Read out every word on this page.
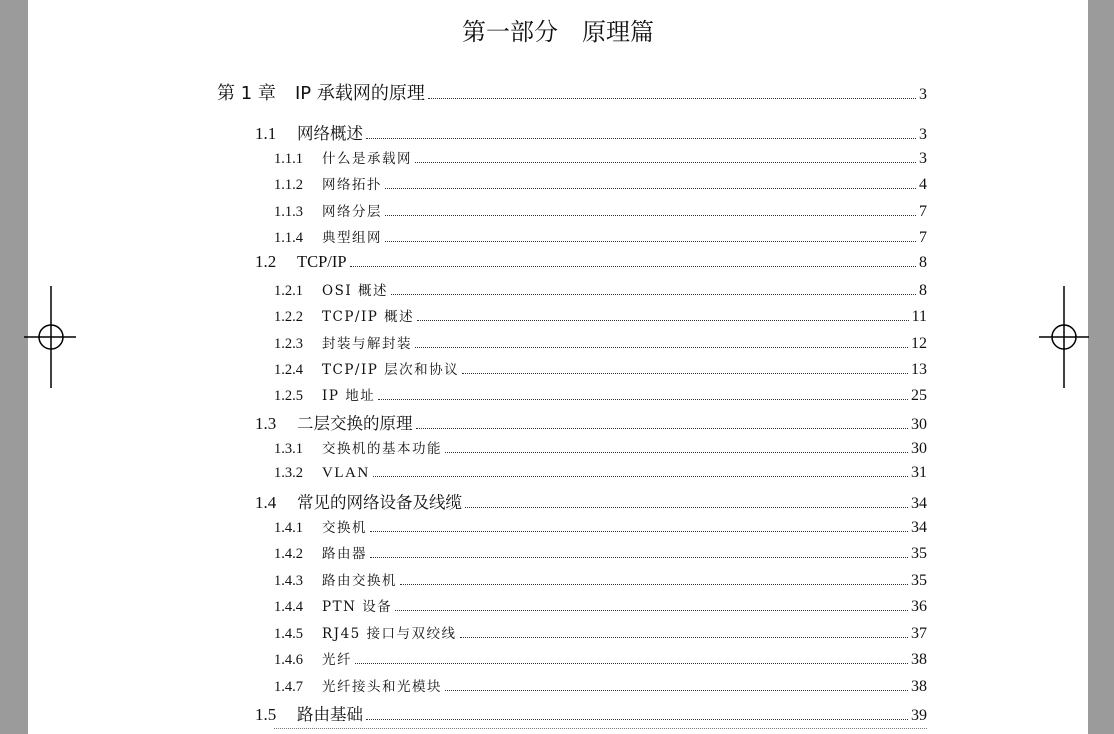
第一部分　原理篇
第 1 章	IP 承载网的原理	3
1.1	网络概述	3
1.1.1	什么是承载网	3
1.1.2	网络拓扑	4
1.1.3	网络分层	7
1.1.4	典型组网	7
1.2	TCP/IP	8
1.2.1	OSI 概述	8
1.2.2	TCP/IP 概述	11
1.2.3	封装与解封装	12
1.2.4	TCP/IP 层次和协议	13
1.2.5	IP 地址	25
1.3	二层交换的原理	30
1.3.1	交换机的基本功能	30
1.3.2	VLAN	31
1.4	常见的网络设备及线缆	34
1.4.1	交换机	34
1.4.2	路由器	35
1.4.3	路由交换机	35
1.4.4	PTN 设备	36
1.4.5	RJ45 接口与双绞线	37
1.4.6	光纤	38
1.4.7	光纤接头和光模块	38
1.5	路由基础	39
